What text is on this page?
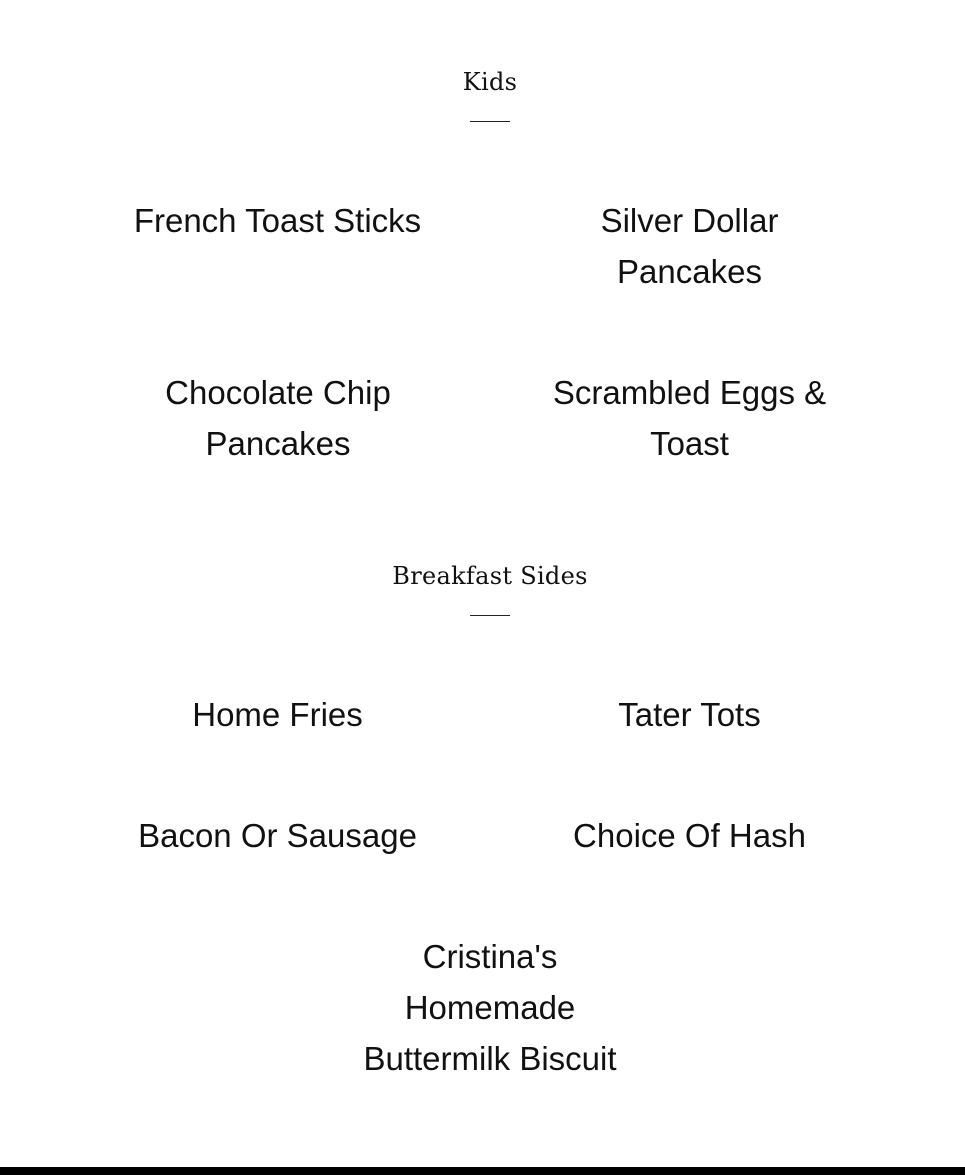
Kids
French Toast Sticks	Silver Dollar Pancakes
Chocolate Chip Pancakes
Scrambled Eggs & Toast
Breakfast Sides
Home Fries	Tater Tots
Bacon Or Sausage	Choice Of Hash
Cristina's Homemade Buttermilk Biscuit
